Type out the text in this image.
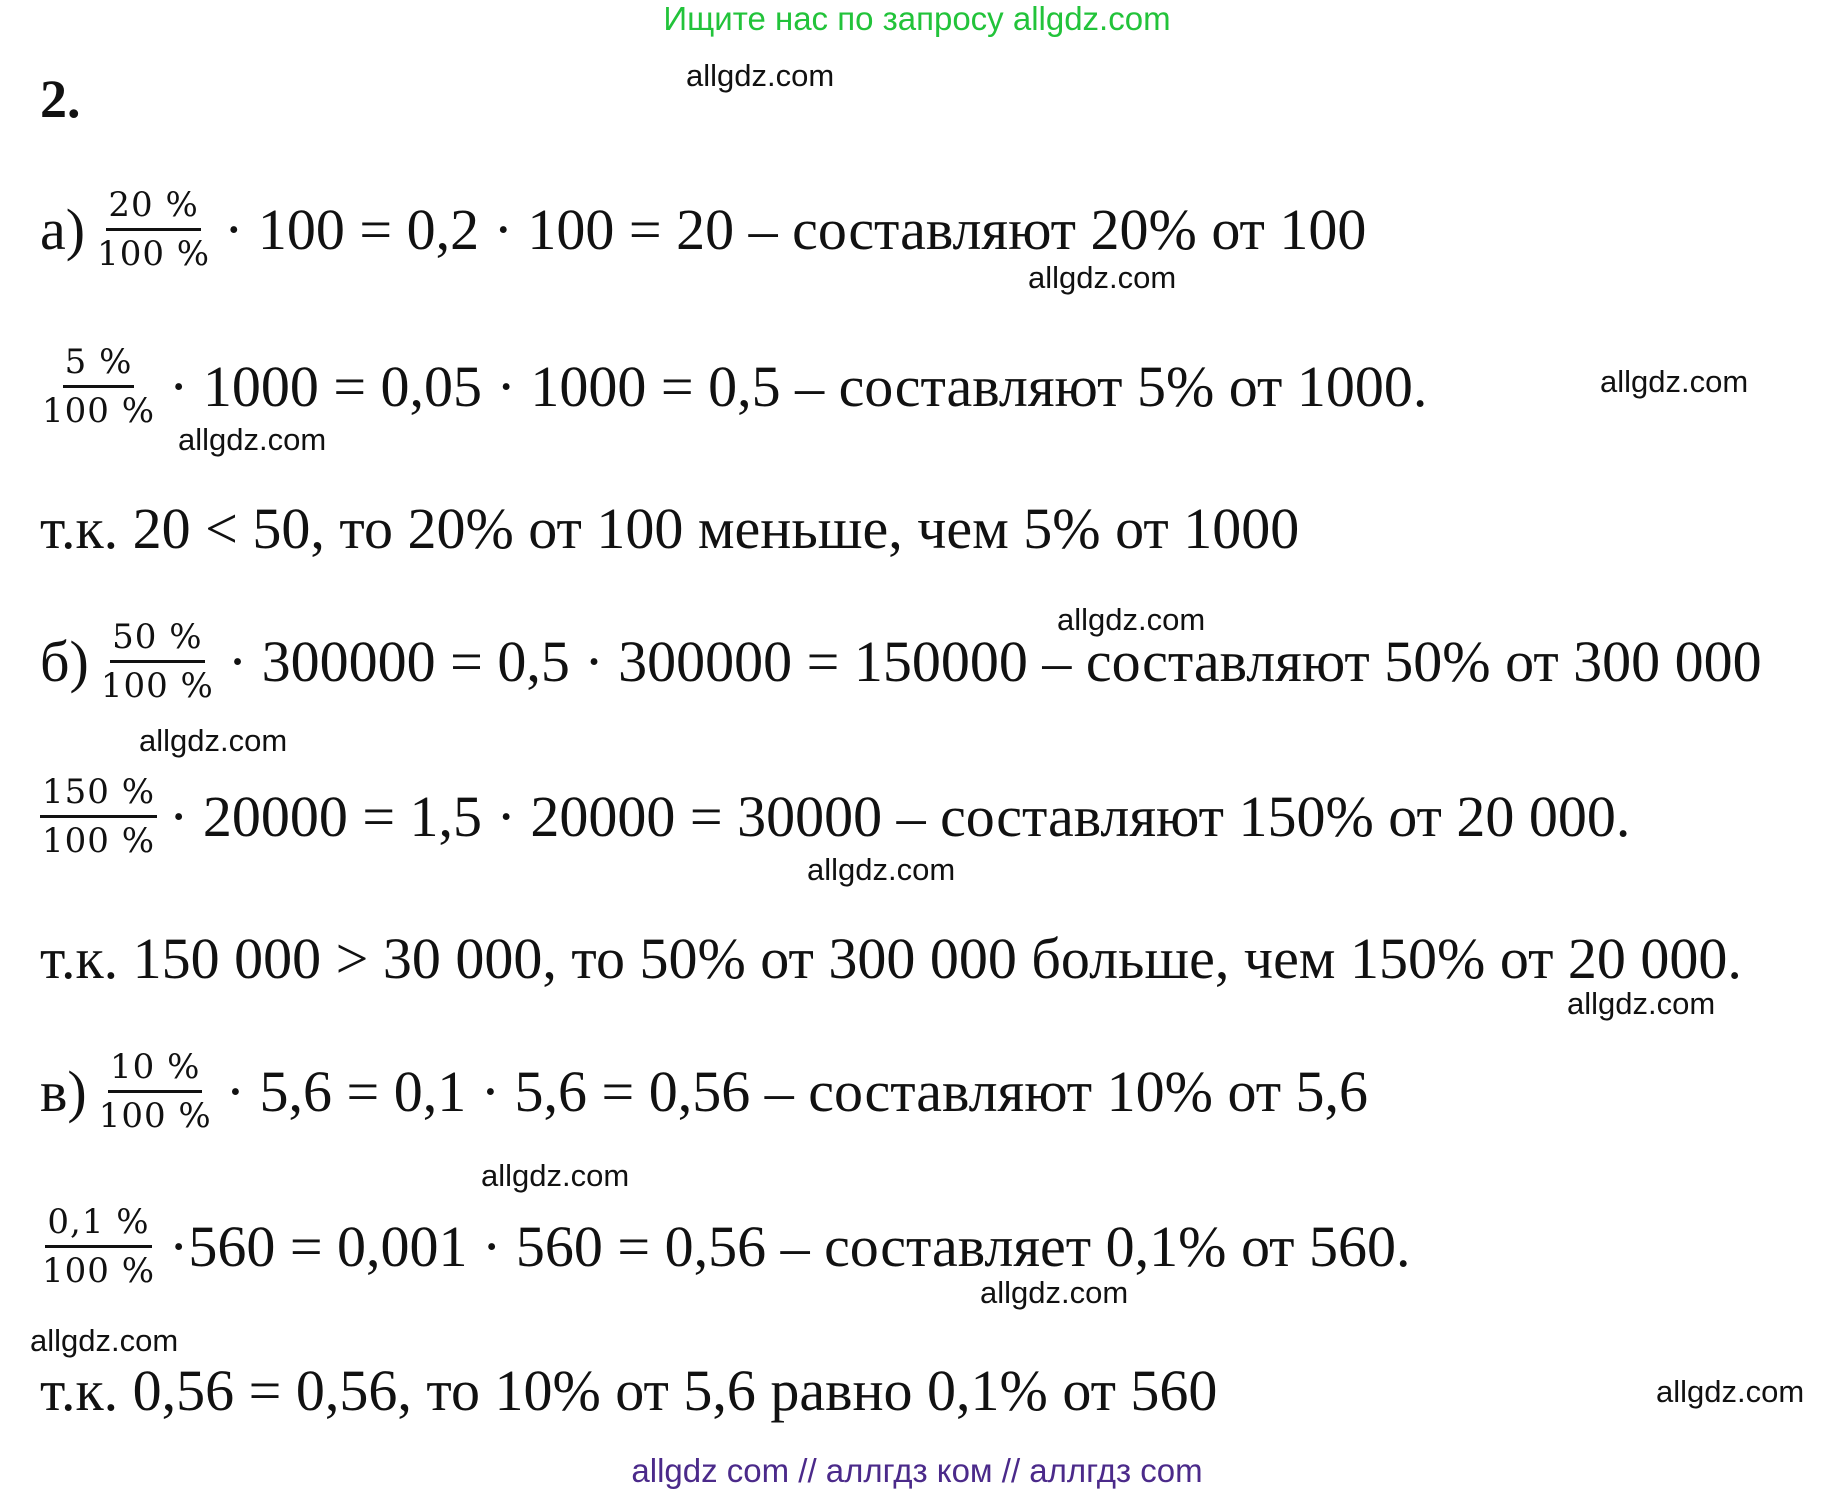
Ищите нас по запросу allgdz.com
2.
$а) \frac{20 \%}{100 \%} \cdot 100 = 0,2 \cdot 100 = 20$ – составляют 20% от 100
$\frac{5 \%}{100 \%} \cdot 1000 = 0,05 \cdot 1000 = 0,5$ – составляют 5% от 1000.
т.к. 20 < 50, то 20% от 100 меньше, чем 5% от 1000
$б) \frac{50 \%}{100 \%} \cdot 300000 = 0,5 \cdot 300000 = 150000$ – составляют 50% от 300 000
$\frac{150 \%}{100 \%} \cdot 20000 = 1,5 \cdot 20000 = 30000$ – составляют 150% от 20 000.
т.к. 150 000 > 30 000, то 50% от 300 000 больше, чем 150% от 20 000.
$в) \frac{10 \%}{100 \%} \cdot 5,6 = 0,1 \cdot 5,6 = 0,56$ – составляют 10% от 5,6
$\frac{0,1 \%}{100 \%} \cdot 560 = 0,001 \cdot 560 = 0,56$ – составляет 0,1% от 560.
т.к. 0,56 = 0,56, то 10% от 5,6 равно 0,1% от 560
allgdz.com
allgdz.com
allgdz.com
allgdz.com
allgdz.com
allgdz.com
allgdz.com
allgdz.com
allgdz.com
allgdz.com
allgdz.com
allgdz.com
allgdz com // аллгдз ком // аллгдз com
